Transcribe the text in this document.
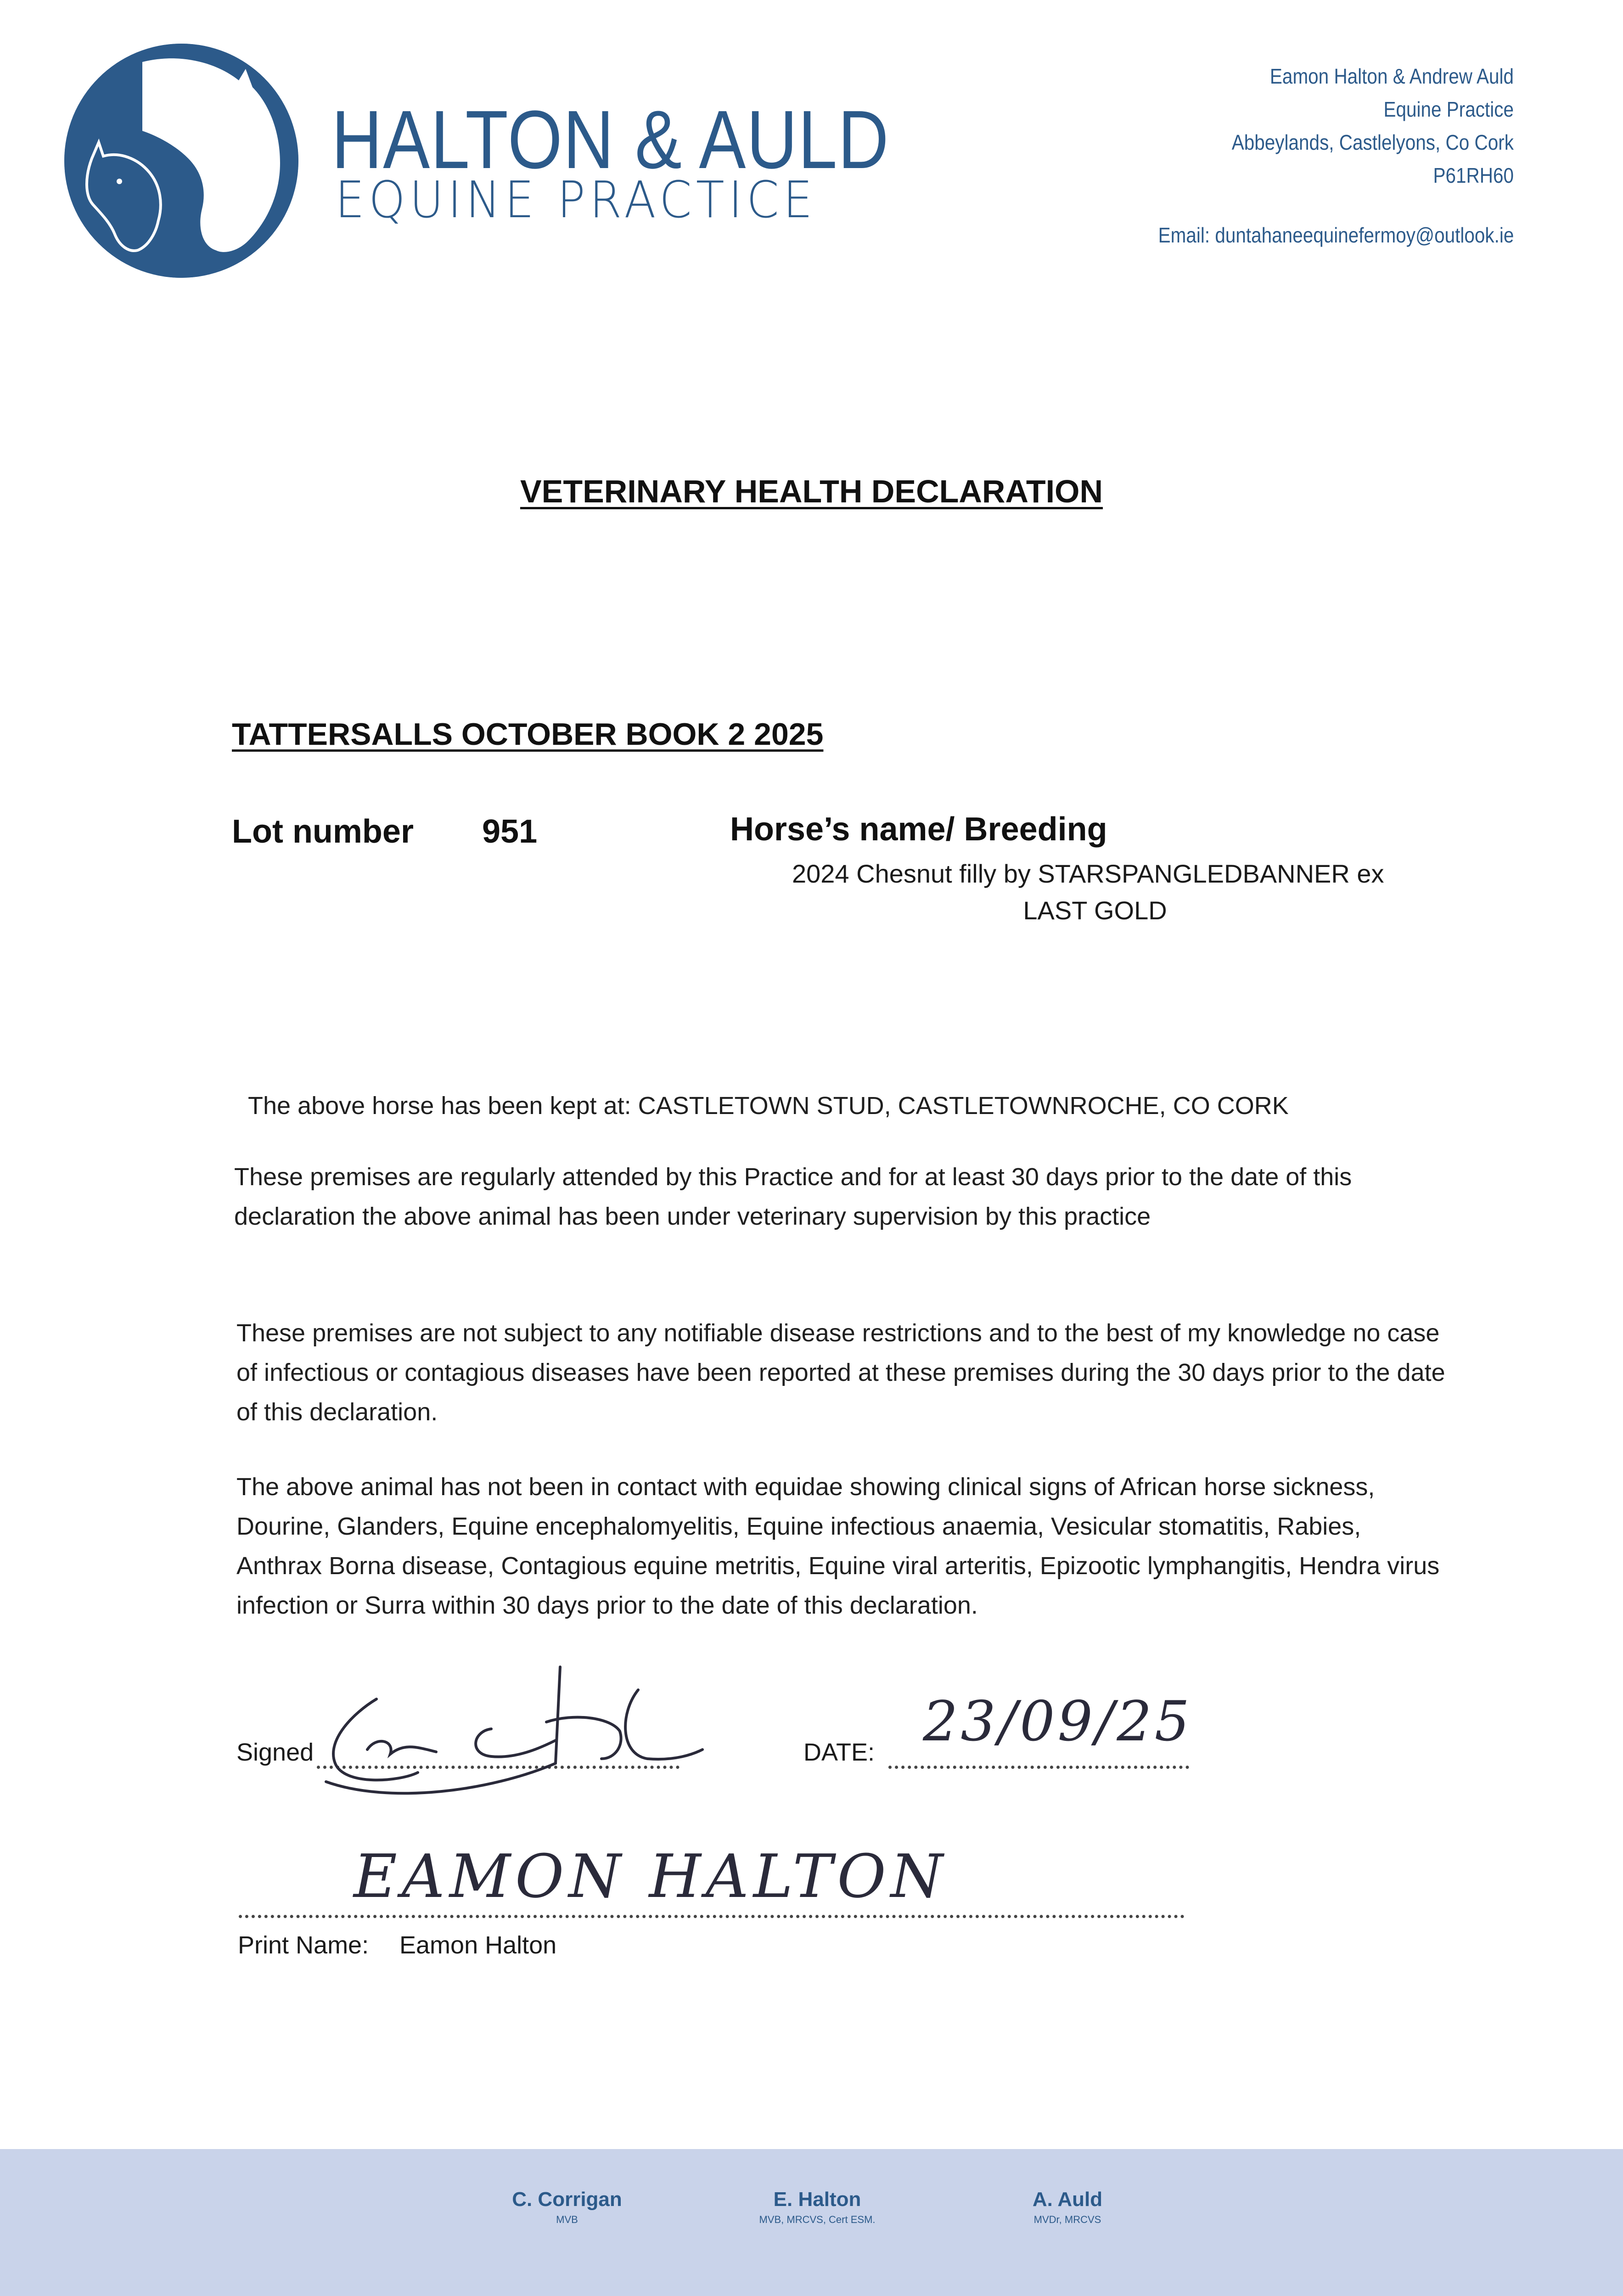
HALTON & AULD
EQUINE PRACTICE
Eamon Halton & Andrew Auld
Equine Practice
Abbeylands, Castlelyons, Co Cork
P61RH60
Email: duntahaneequinefermoy@outlook.ie
VETERINARY HEALTH DECLARATION
TATTERSALLS OCTOBER BOOK 2 2025
Lot number 951	Horse’s name/ Breeding
2024 Chesnut filly by STARSPANGLEDBANNER ex
LAST GOLD
The above horse has been kept at: CASTLETOWN STUD, CASTLETOWNROCHE, CO CORK
These premises are regularly attended by this Practice and for at least 30 days prior to the date of this declaration the above animal has been under veterinary supervision by this practice
These premises are not subject to any notifiable disease restrictions and to the best of my knowledge no case of infectious or contagious diseases have been reported at these premises during the 30 days prior to the date of this declaration.
The above animal has not been in contact with equidae showing clinical signs of African horse sickness, Dourine, Glanders, Equine encephalomyelitis, Equine infectious anaemia, Vesicular stomatitis, Rabies, Anthrax Borna disease, Contagious equine metritis, Equine viral arteritis, Epizootic lymphangitis, Hendra virus infection or Surra within 30 days prior to the date of this declaration.
Signed	DATE: 23/09/25
EAMON HALTON
Print Name: Eamon Halton
C. Corrigan
MVB
E. Halton
MVB, MRCVS, Cert ESM.
A. Auld
MVDr, MRCVS
